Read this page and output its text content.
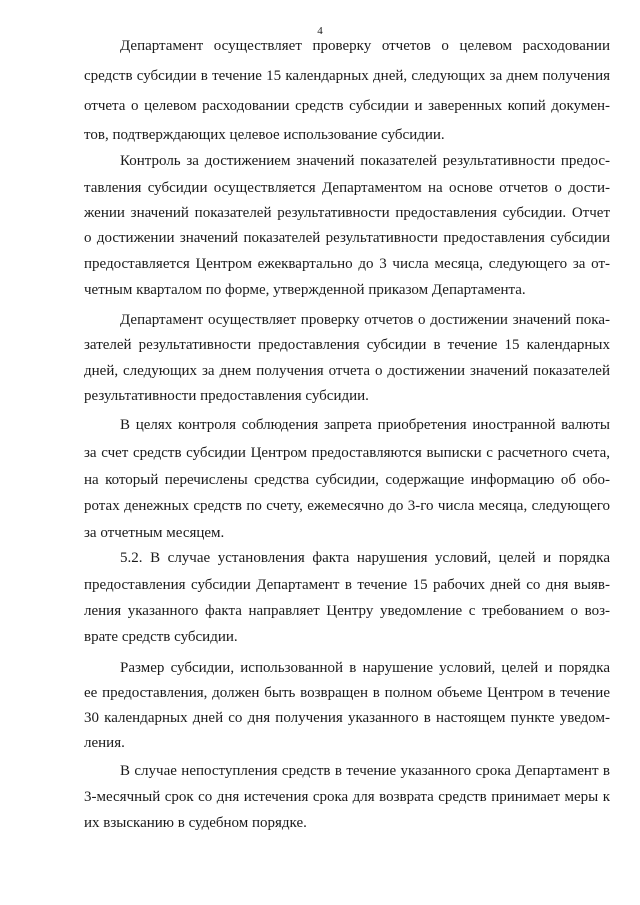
4
Департамент осуществляет проверку отчетов о целевом расходовании
средств субсидии в течение 15 календарных дней, следующих за днем получения
отчета о целевом расходовании средств субсидии и заверенных копий докумен-
тов, подтверждающих целевое использование субсидии.
Контроль за достижением значений показателей результативности предос-
тавления субсидии осуществляется Департаментом на основе отчетов о дости-
жении значений показателей результативности предоставления субсидии. Отчет
о достижении значений показателей результативности предоставления субсидии
предоставляется Центром ежеквартально до 3 числа месяца, следующего за от-
четным кварталом по форме, утвержденной приказом Департамента.
Департамент осуществляет проверку отчетов о достижении значений пока-
зателей результативности предоставления субсидии в течение 15 календарных
дней, следующих за днем получения отчета о достижении значений показателей
результативности предоставления субсидии.
В целях контроля соблюдения запрета приобретения иностранной валюты
за счет средств субсидии Центром предоставляются выписки с расчетного счета,
на который перечислены средства субсидии, содержащие информацию об обо-
ротах денежных средств по счету, ежемесячно до 3-го числа месяца, следующего
за отчетным месяцем.
5.2. В случае установления факта нарушения условий, целей и порядка
предоставления субсидии Департамент в течение 15 рабочих дней со дня выяв-
ления указанного факта направляет Центру уведомление с требованием о воз-
врате средств субсидии.
Размер субсидии, использованной в нарушение условий, целей и порядка
ее предоставления, должен быть возвращен в полном объеме Центром в течение
30 календарных дней со дня получения указанного в настоящем пункте уведом-
ления.
В случае непоступления средств в течение указанного срока Департамент в
3-месячный срок со дня истечения срока для возврата средств принимает меры к
их взысканию в судебном порядке.
